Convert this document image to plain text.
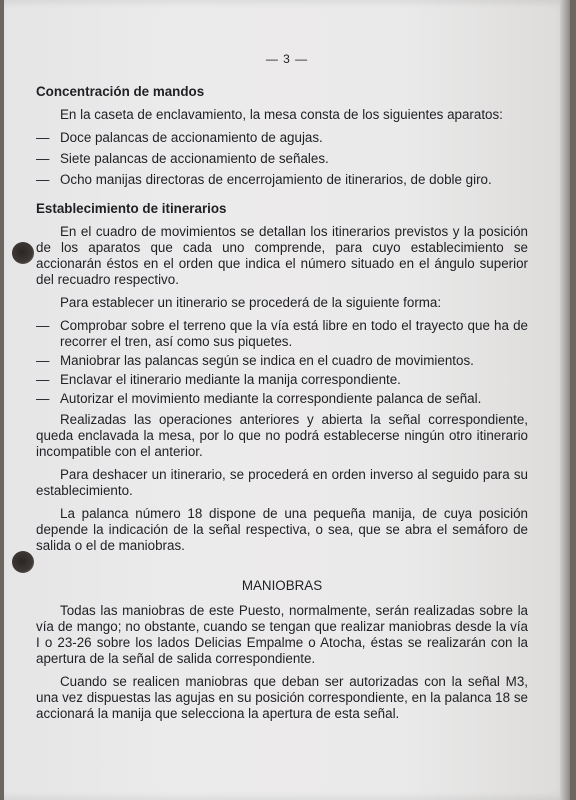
— 3 —
Concentración de mandos
En la caseta de enclavamiento, la mesa consta de los siguientes aparatos:
— Doce palancas de accionamiento de agujas.
— Siete palancas de accionamiento de señales.
— Ocho manijas directoras de encerrojamiento de itinerarios, de doble giro.
Establecimiento de itinerarios
En el cuadro de movimientos se detallan los itinerarios previstos y la posición de los aparatos que cada uno comprende, para cuyo establecimiento se accionarán éstos en el orden que indica el número situado en el ángulo superior del recuadro respectivo.
Para establecer un itinerario se procederá de la siguiente forma:
— Comprobar sobre el terreno que la vía está libre en todo el trayecto que ha de recorrer el tren, así como sus piquetes.
— Maniobrar las palancas según se indica en el cuadro de movimientos.
— Enclavar el itinerario mediante la manija correspondiente.
— Autorizar el movimiento mediante la correspondiente palanca de señal.
Realizadas las operaciones anteriores y abierta la señal correspondiente, queda enclavada la mesa, por lo que no podrá establecerse ningún otro itinerario incompatible con el anterior.
Para deshacer un itinerario, se procederá en orden inverso al seguido para su establecimiento.
La palanca número 18 dispone de una pequeña manija, de cuya posición depende la indicación de la señal respectiva, o sea, que se abra el semáforo de salida o el de maniobras.
MANIOBRAS
Todas las maniobras de este Puesto, normalmente, serán realizadas sobre la vía de mango; no obstante, cuando se tengan que realizar maniobras desde la vía I o 23-26 sobre los lados Delicias Empalme o Atocha, éstas se realizarán con la apertura de la señal de salida correspondiente.
Cuando se realicen maniobras que deban ser autorizadas con la señal M3, una vez dispuestas las agujas en su posición correspondiente, en la palanca 18 se accionará la manija que selecciona la apertura de esta señal.
